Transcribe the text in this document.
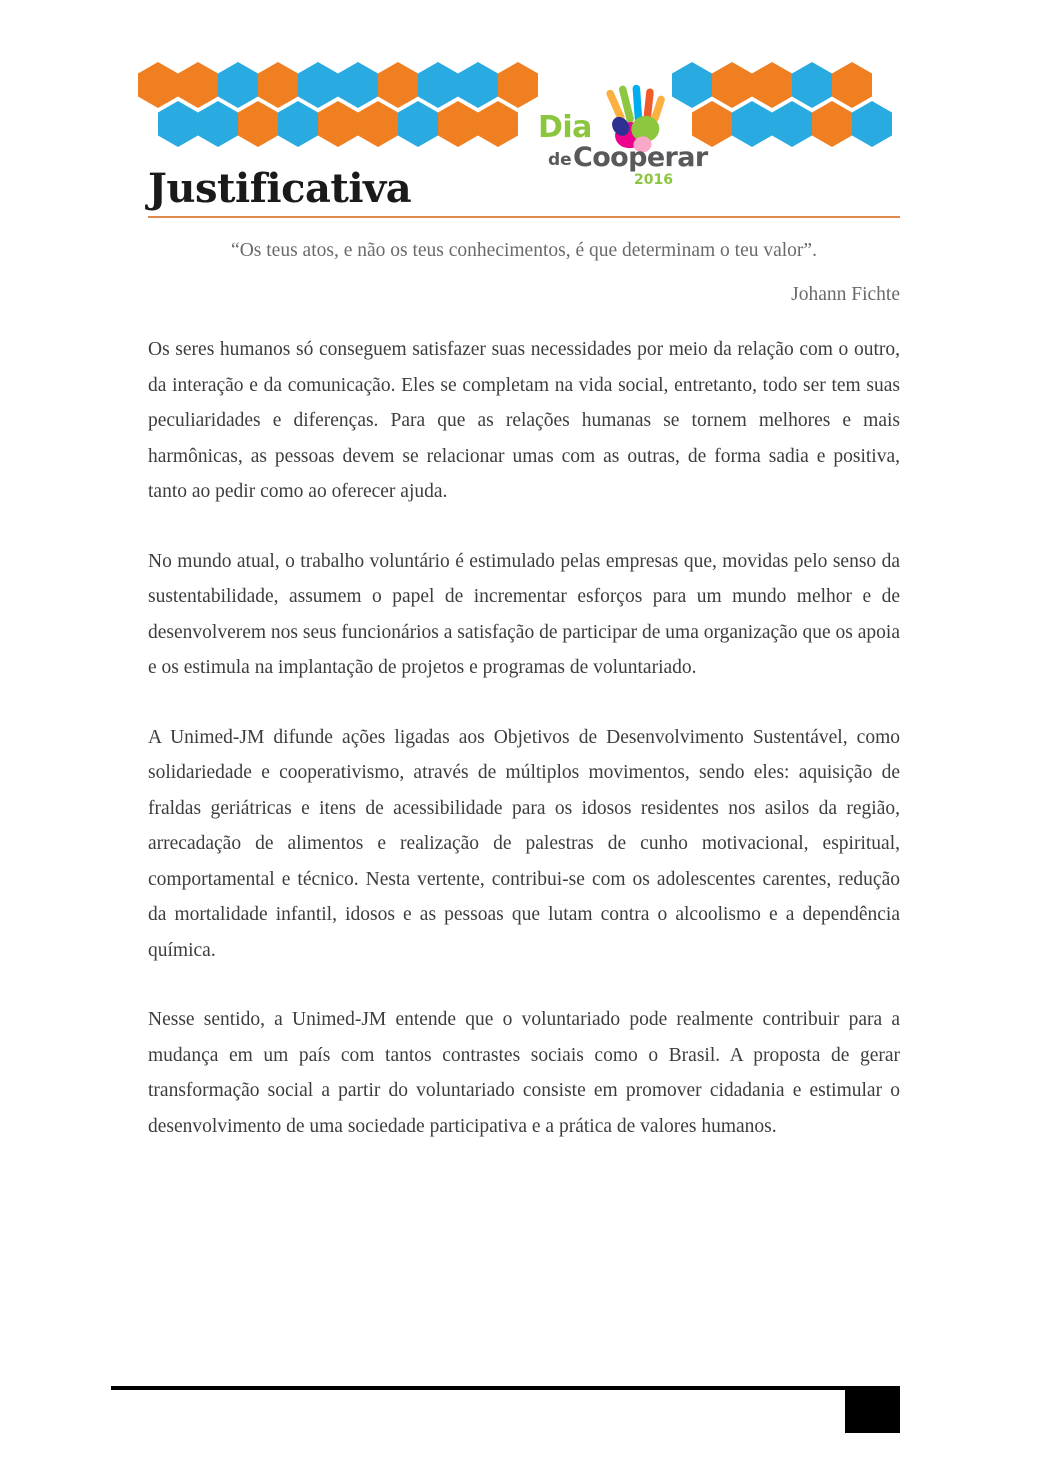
Dia
de Cooperar
2016
Justificativa
“Os teus atos, e não os teus conhecimentos, é que determinam o teu valor”.
Johann Fichte

Os seres humanos só conseguem satisfazer suas necessidades por meio da relação com o outro, da interação e da comunicação. Eles se completam na vida social, entretanto, todo ser tem suas peculiaridades e diferenças. Para que as relações humanas se tornem melhores e mais harmônicas, as pessoas devem se relacionar umas com as outras, de forma sadia e positiva, tanto ao pedir como ao oferecer ajuda.

No mundo atual, o trabalho voluntário é estimulado pelas empresas que, movidas pelo senso da sustentabilidade, assumem o papel de incrementar esforços para um mundo melhor e de desenvolverem nos seus funcionários a satisfação de participar de uma organização que os apoia e os estimula na implantação de projetos e programas de voluntariado.

A Unimed-JM difunde ações ligadas aos Objetivos de Desenvolvimento Sustentável, como solidariedade e cooperativismo, através de múltiplos movimentos, sendo eles: aquisição de fraldas geriátricas e itens de acessibilidade para os idosos residentes nos asilos da região, arrecadação de alimentos e realização de palestras de cunho motivacional, espiritual, comportamental e técnico. Nesta vertente, contribui-se com os adolescentes carentes, redução da mortalidade infantil, idosos e as pessoas que lutam contra o alcoolismo e a dependência química.

Nesse sentido, a Unimed-JM entende que o voluntariado pode realmente contribuir para a mudança em um país com tantos contrastes sociais como o Brasil. A proposta de gerar transformação social a partir do voluntariado consiste em promover cidadania e estimular o desenvolvimento de uma sociedade participativa e a prática de valores humanos.
